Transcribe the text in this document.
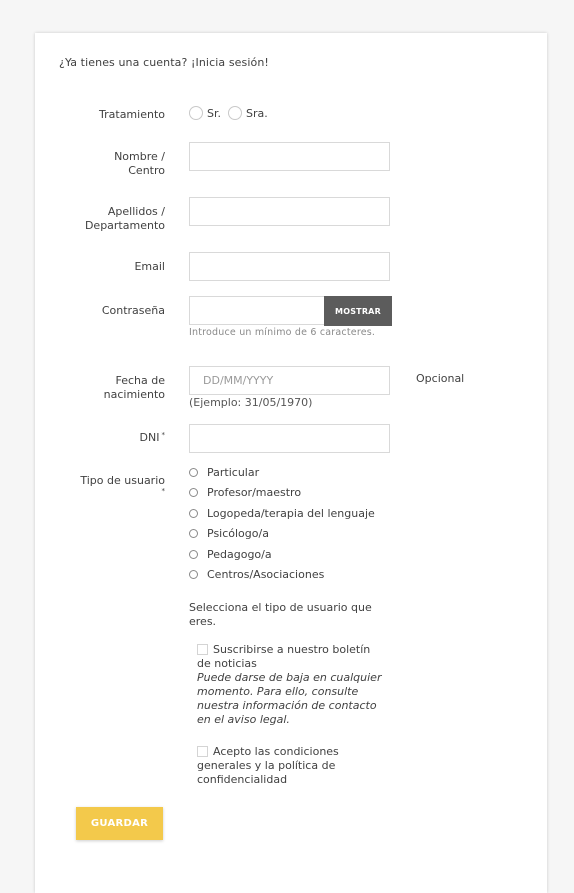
¿Ya tienes una cuenta? ¡Inicia sesión!
Tratamiento	Sr. Sra.
Nombre /
Centro
Apellidos /
Departamento
Email
Contraseña	MOSTRAR
Introduce un mínimo de 6 caracteres.
Fecha de
nacimiento
DD/MM/YYYY
Opcional
(Ejemplo: 31/05/1970)
DNI *
Tipo de usuario
*
Particular
Profesor/maestro
Logopeda/terapia del lenguaje
Psicólogo/a
Pedagogo/a
Centros/Asociaciones
Selecciona el tipo de usuario que
eres.
Suscribirse a nuestro boletín
de noticias
Puede darse de baja en cualquier momento. Para ello, consulte nuestra información de contacto en el aviso legal.
Acepto las condiciones
generales y la política de
confidencialidad
GUARDAR
